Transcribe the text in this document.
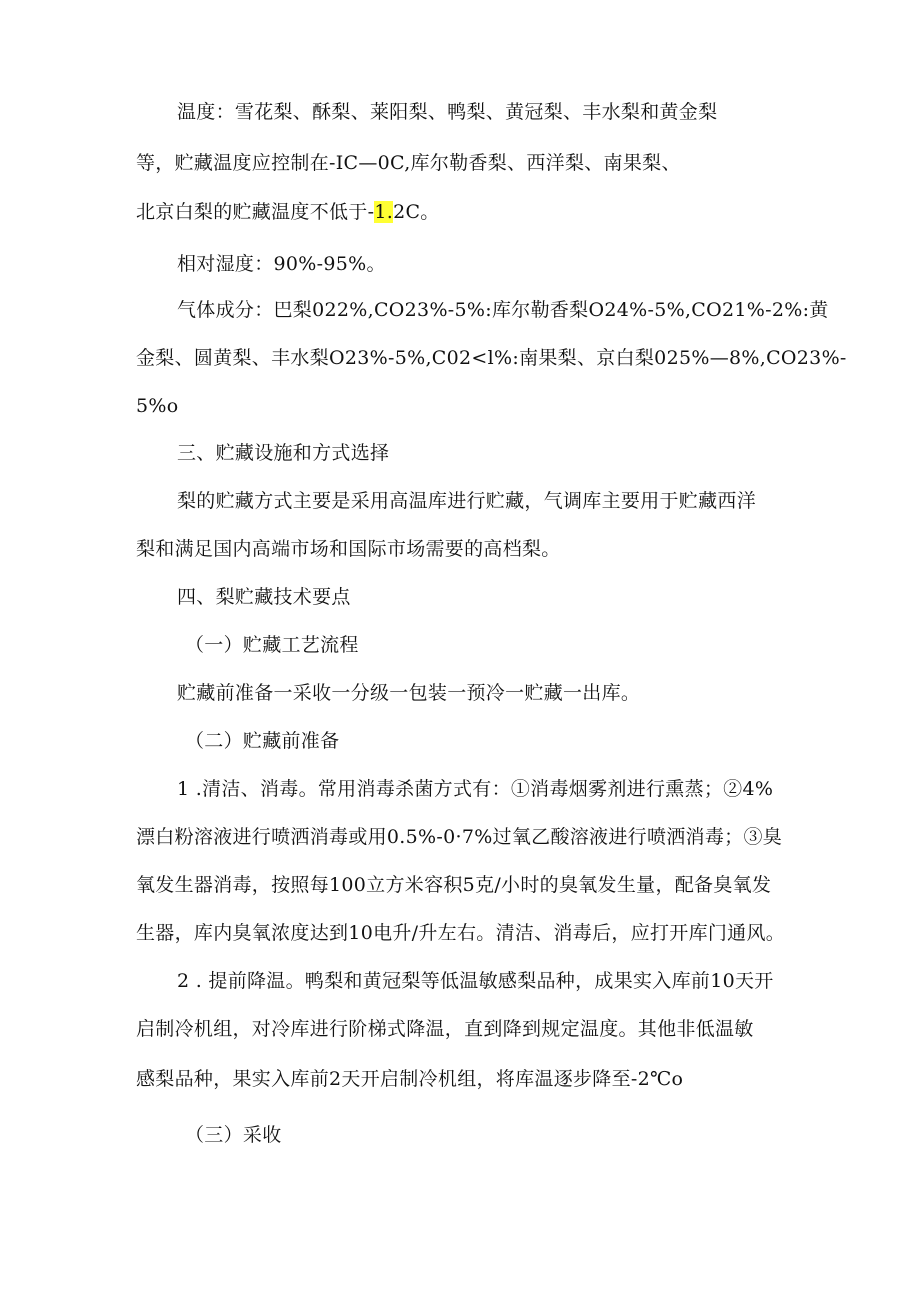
温度：雪花梨、酥梨、莱阳梨、鸭梨、黄冠梨、丰水梨和黄金梨
等，贮藏温度应控制在-IC—0C,库尔勒香梨、西洋梨、南果梨、
北京白梨的贮藏温度不低于-1.2C。
相对湿度：90%-95%。
气体成分：巴梨022%,CO23%-5%:库尔勒香梨O24%-5%,CO21%-2%:黄
金梨、圆黄梨、丰水梨O23%-5%,C02<l%:南果梨、京白梨025%—8%,CO23%-
5%o
三、贮藏设施和方式选择
梨的贮藏方式主要是采用高温库进行贮藏，气调库主要用于贮藏西洋
梨和满足国内高端市场和国际市场需要的高档梨。
四、梨贮藏技术要点
（一）贮藏工艺流程
贮藏前准备一采收一分级一包装一预冷一贮藏一出库。
（二）贮藏前准备
1 .清洁、消毒。常用消毒杀菌方式有：①消毒烟雾剂进行熏蒸；②4%
漂白粉溶液进行喷洒消毒或用0.5%-0·7%过氧乙酸溶液进行喷洒消毒；③臭
氧发生器消毒，按照每100立方米容积5克/小时的臭氧发生量，配备臭氧发
生器，库内臭氧浓度达到10电升/升左右。清洁、消毒后，应打开库门通风。
2 . 提前降温。鸭梨和黄冠梨等低温敏感梨品种，成果实入库前10天开
启制冷机组，对冷库进行阶梯式降温，直到降到规定温度。其他非低温敏
感梨品种，果实入库前2天开启制冷机组，将库温逐步降至-2℃o
（三）采收
